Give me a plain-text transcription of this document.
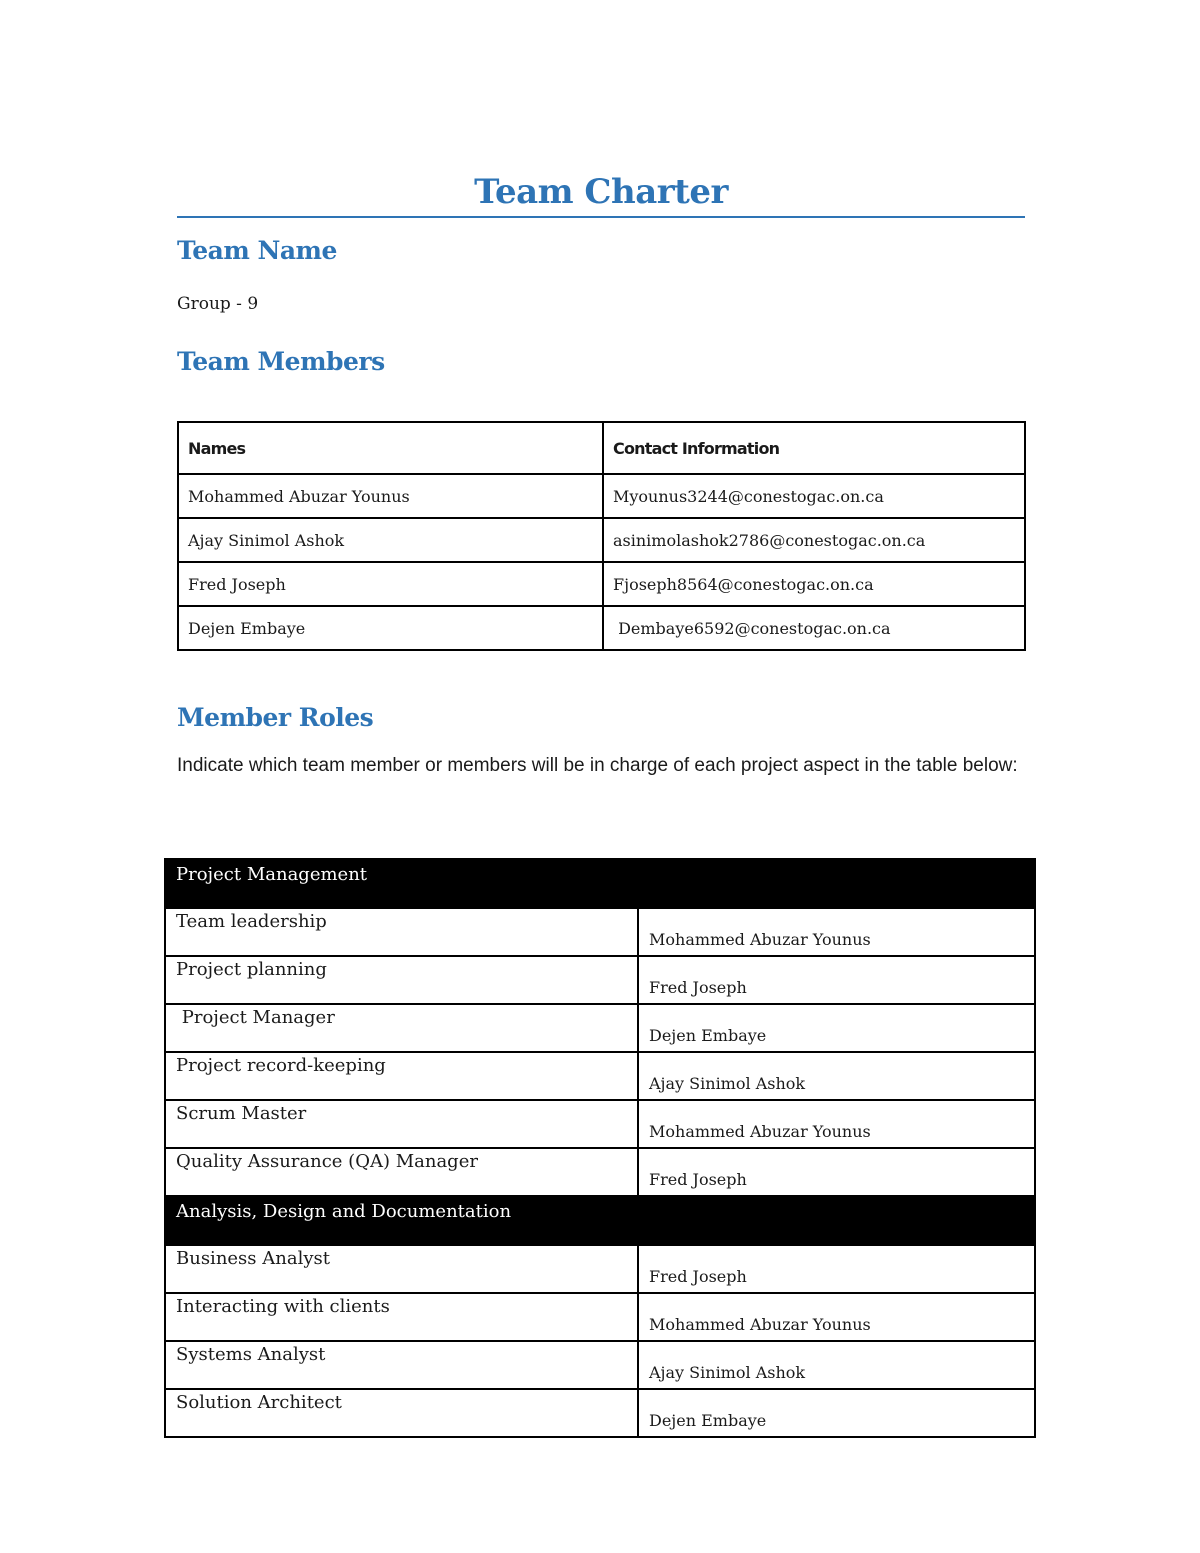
Team Charter
Team Name

Group - 9

Team Members
Names	Contact Information
Mohammed Abuzar Younus	Myounus3244@conestogac.on.ca
Ajay Sinimol Ashok	asinimolashok2786@conestogac.on.ca
Fred Joseph	Fjoseph8564@conestogac.on.ca
Dejen Embaye	Dembaye6592@conestogac.on.ca
Member Roles

Indicate which team member or members will be in charge of each project aspect in the table below:

Project Management	
Team leadership	Mohammed Abuzar Younus
Project planning	Fred Joseph
Project Manager	Dejen Embaye
Project record-keeping	Ajay Sinimol Ashok
Scrum Master	Mohammed Abuzar Younus
Quality Assurance (QA) Manager	Fred Joseph
Analysis, Design and Documentation	
Business Analyst	Fred Joseph
Interacting with clients	Mohammed Abuzar Younus
Systems Analyst	Ajay Sinimol Ashok
Solution Architect	Dejen Embaye
